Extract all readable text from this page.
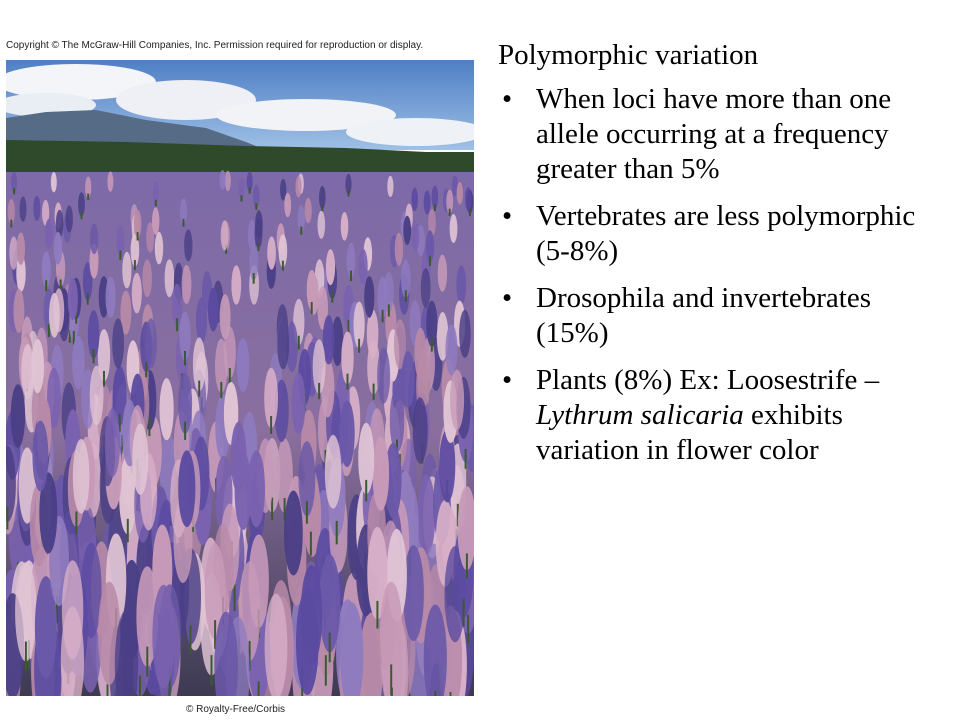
Copyright © The McGraw-Hill Companies, Inc. Permission required for reproduction or display.
© Royalty-Free/Corbis
Polymorphic variation
• When loci have more than one allele occurring at a frequency greater than 5%
• Vertebrates are less polymorphic (5-8%)
• Drosophila and invertebrates (15%)
• Plants (8%) Ex: Loosestrife – Lythrum salicaria exhibits variation in flower color
